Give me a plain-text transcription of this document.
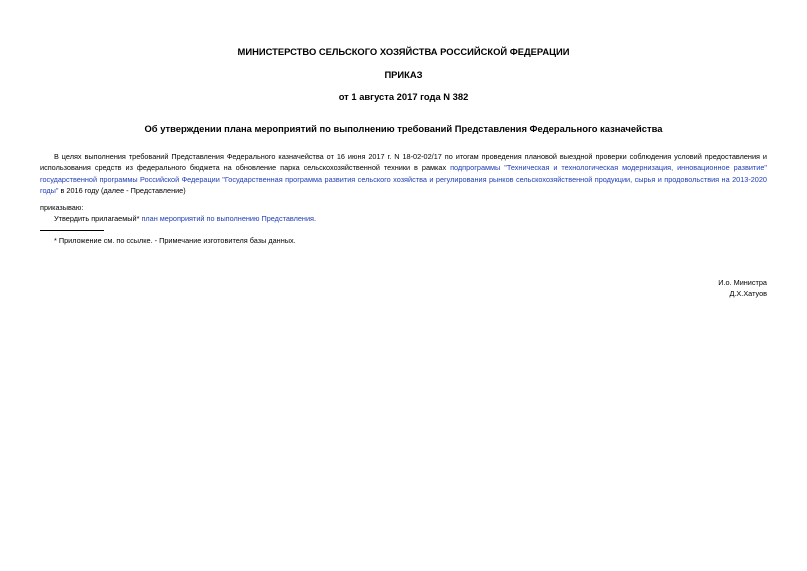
МИНИСТЕРСТВО СЕЛЬСКОГО ХОЗЯЙСТВА РОССИЙСКОЙ ФЕДЕРАЦИИ
ПРИКАЗ
от 1 августа 2017 года N 382
Об утверждении плана мероприятий по выполнению требований Представления Федерального казначейства
В целях выполнения требований Представления Федерального казначейства от 16 июня 2017 г. N 18-02-02/17 по итогам проведения плановой выездной проверки соблюдения условий предоставления и использования средств из федерального бюджета на обновление парка сельскохозяйственной техники в рамках подпрограммы "Техническая и технологическая модернизация, инновационное развитие" государственной программы Российской Федерации "Государственная программа развития сельского хозяйства и регулирования рынков сельскохозяйственной продукции, сырья и продовольствия на 2013-2020 годы" в 2016 году (далее - Представление)
приказываю:
Утвердить прилагаемый* план мероприятий по выполнению Представления.
* Приложение см. по ссылке. - Примечание изготовителя базы данных.
И.о. Министра
Д.Х.Хатуов
